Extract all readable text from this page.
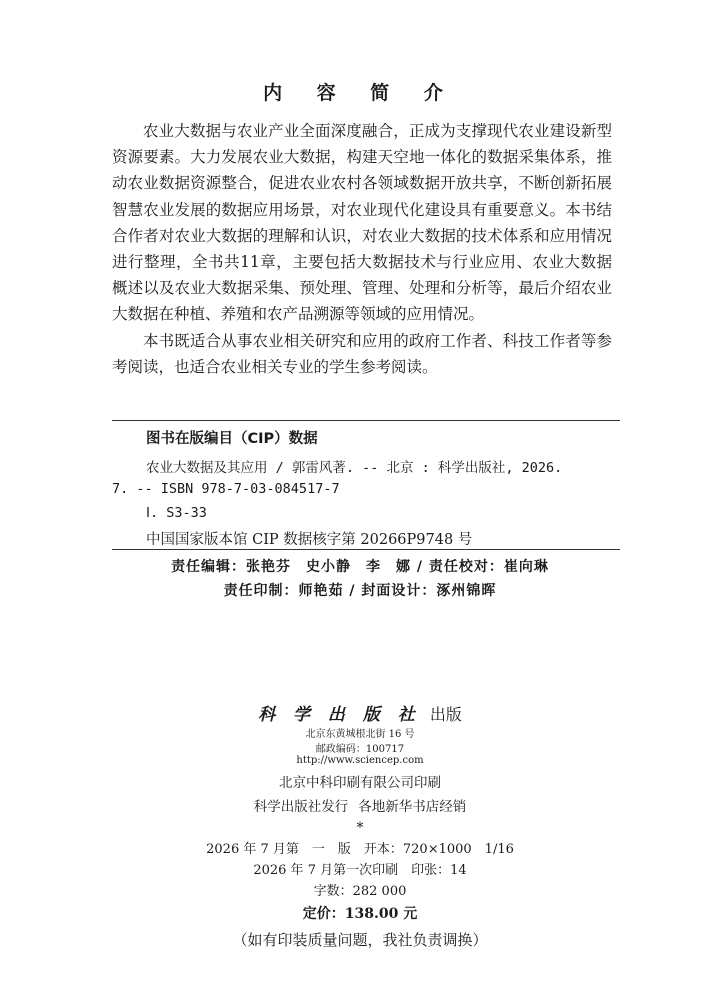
内 容 简 介

农业大数据与农业产业全面深度融合，正成为支撑现代农业建设新型资源要素。大力发展农业大数据，构建天空地一体化的数据采集体系，推动农业数据资源整合，促进农业农村各领域数据开放共享，不断创新拓展智慧农业发展的数据应用场景，对农业现代化建设具有重要意义。本书结合作者对农业大数据的理解和认识，对农业大数据的技术体系和应用情况进行整理，全书共11章，主要包括大数据技术与行业应用、农业大数据概述以及农业大数据采集、预处理、管理、处理和分析等，最后介绍农业大数据在种植、养殖和农产品溯源等领域的应用情况。

本书既适合从事农业相关研究和应用的政府工作者、科技工作者等参考阅读，也适合农业相关专业的学生参考阅读。

图书在版编目（CIP）数据
农业大数据及其应用 / 郭雷风著. -- 北京 : 科学出版社, 2026.
7. -- ISBN 978-7-03-084517-7
Ⅰ. S3-33
中国国家版本馆 CIP 数据核字第 20266P9748 号
责任编辑：张艳芬　史小静　李　娜 / 责任校对：崔向琳
责任印制：师艳茹 / 封面设计：涿州锦晖
科 学 出 版 社 出版
北京东黄城根北街 16 号
邮政编码：100717
http://www.sciencep.com
北京中科印刷有限公司印刷
科学出版社发行 各地新华书店经销
*
2026 年 7 月第　一　版　开本：720×1000　1/16
2026 年 7 月第一次印刷　印张：14
字数：282 000
定价：138.00 元
（如有印装质量问题，我社负责调换）
